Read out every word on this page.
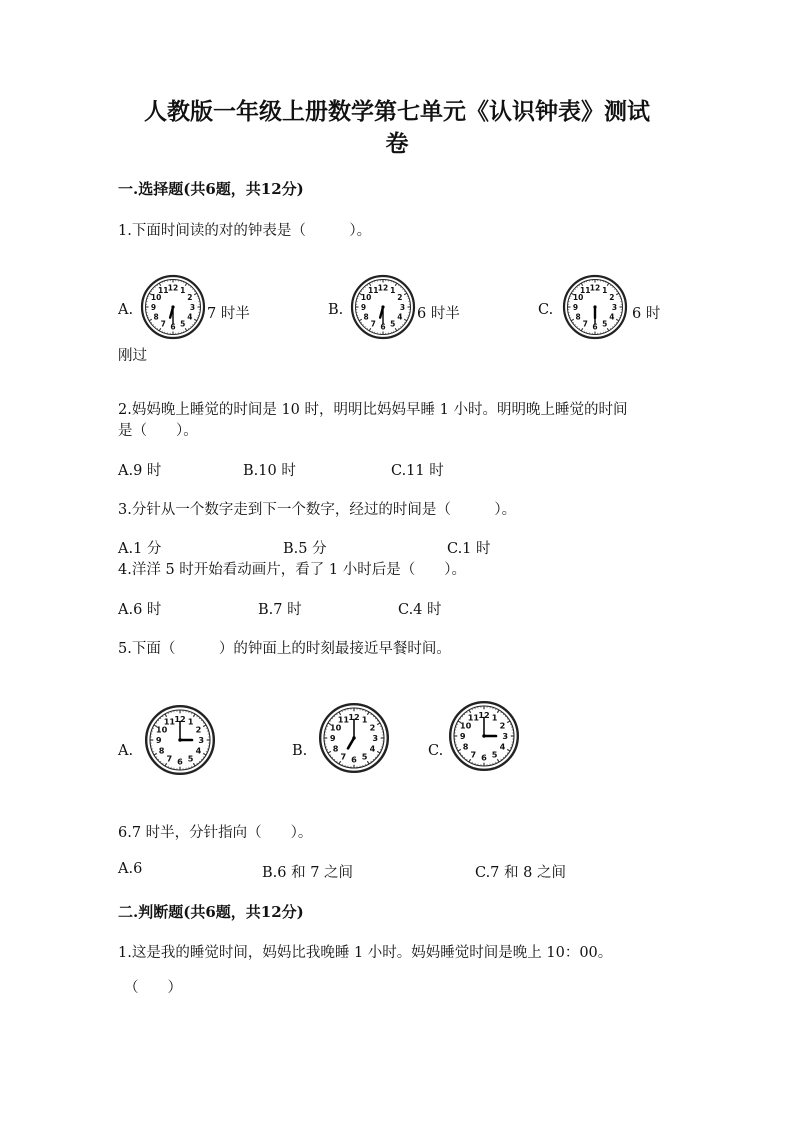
人教版一年级上册数学第七单元《认识钟表》测试
卷
一.选择题(共6题，共12分)
1.下面时间读的对的钟表是（　　　）。
A.
12 1
2
3
4
5
6
7
8
9
10
11
7 时半	B.
12 1
2
3
4
5
6
7
8
9
10
11
6 时半	C.
12 1
2
3
4
5
6
7
8
9
10
11
6 时
刚过
2.妈妈晚上睡觉的时间是 10 时，明明比妈妈早睡 1 小时。明明晚上睡觉的时间
是（　　）。
A.9 时	B.10 时	C.11 时
3.分针从一个数字走到下一个数字，经过的时间是（　　　）。
A.1 分	B.5 分	C.1 时
4.洋洋 5 时开始看动画片，看了 1 小时后是（　　）。
A.6 时	B.7 时	C.4 时
5.下面（　　　）的钟面上的时刻最接近早餐时间。
A.
12 1
2
3
4
5
6
7
8
9
10
11
B.
12 1
2
3
4
5
6
7
8
9
10
11
C.
12 1
2
3
4
5
6
7
8
9
10
11
6.7 时半，分针指向（　　）。
A.6	B.6 和 7 之间	C.7 和 8 之间
二.判断题(共6题，共12分)
1.这是我的睡觉时间，妈妈比我晚睡 1 小时。妈妈睡觉时间是晚上 10：00。
（　　）
